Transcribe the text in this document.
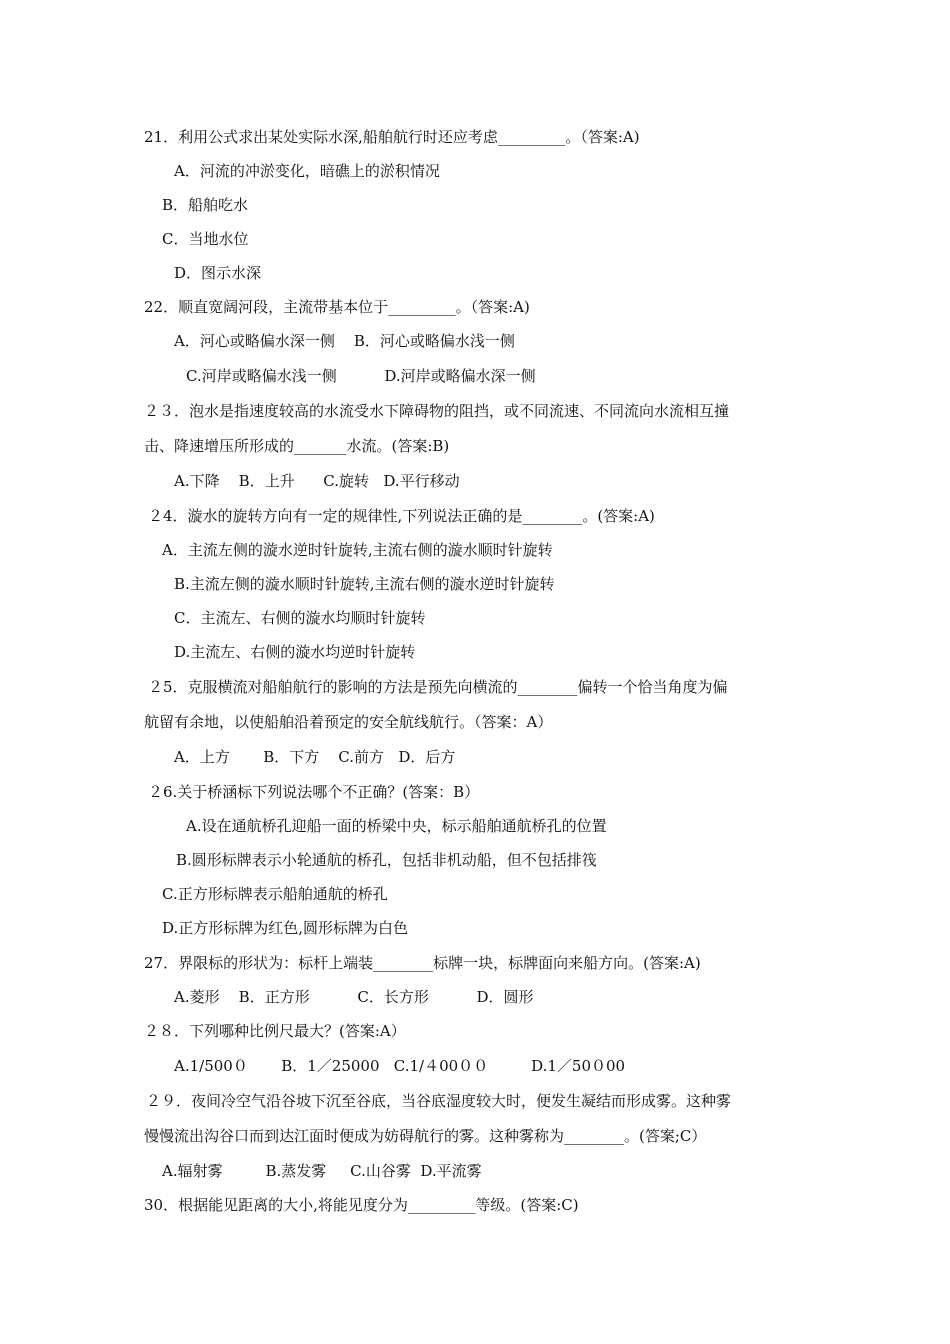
21．利用公式求出某处实际水深,船舶航行时还应考虑_________。（答案:A)
A．河流的冲淤变化，暗礁上的淤积情况
B．船舶吃水
C．当地水位
D．图示水深
22．顺直宽阔河段，主流带基本位于_________。（答案:A)
A．河心或略偏水深一侧    B．河心或略偏水浅一侧
C.河岸或略偏水浅一侧          D.河岸或略偏水深一侧
２３．泡水是指速度较高的水流受水下障碍物的阻挡，或不同流速、不同流向水流相互撞
击、降速增压所形成的_______水流。(答案:B)
A.下降    B．上升      C.旋转   D.平行移动
２4．漩水的旋转方向有一定的规律性,下列说法正确的是________。(答案:A)
A．主流左侧的漩水逆时针旋转,主流右侧的漩水顺时针旋转
B.主流左侧的漩水顺时针旋转,主流右侧的漩水逆时针旋转
C．主流左、右侧的漩水均顺时针旋转
D.主流左、右侧的漩水均逆时针旋转
２5．克服横流对船舶航行的影响的方法是预先向横流的________偏转一个恰当角度为偏
航留有余地，以使船舶沿着预定的安全航线航行。（答案：A）
A．上方       B．下方    C.前方   D．后方
２6.关于桥涵标下列说法哪个不正确？(答案：B）
A.设在通航桥孔迎船一面的桥梁中央，标示船舶通航桥孔的位置
B.圆形标牌表示小轮通航的桥孔，包括非机动船，但不包括排筏
C.正方形标牌表示船舶通航的桥孔
D.正方形标牌为红色,圆形标牌为白色
27．界限标的形状为：标杆上端装________标牌一块，标牌面向来船方向。(答案:A)
A.菱形    B．正方形          C．长方形          D．圆形
２８．下列哪种比例尺最大？(答案:A）
A.1/500０       B．1／25000   C.1/４00００         D.1／50０00
２９．夜间冷空气沿谷坡下沉至谷底，当谷底湿度较大时，便发生凝结而形成雾。这种雾
慢慢流出沟谷口而到达江面时便成为妨碍航行的雾。这种雾称为________。(答案;C）
A.辐射雾         B.蒸发雾     C.山谷雾  D.平流雾
30．根据能见距离的大小,将能见度分为_________等级。(答案:C)
